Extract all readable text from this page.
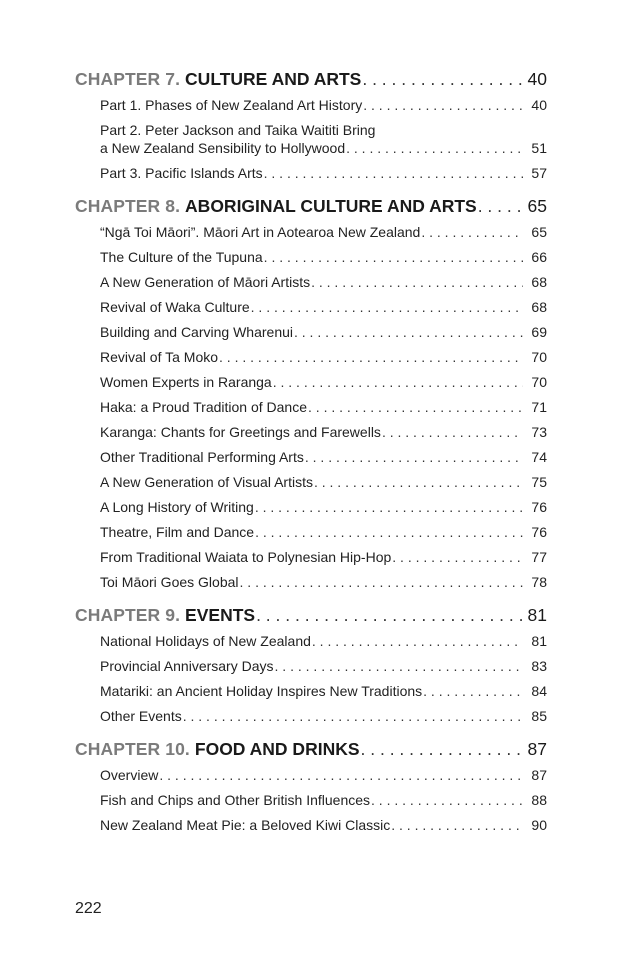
CHAPTER 7. CULTURE AND ARTS . . .	40
Part 1. Phases of New Zealand Art History . . .	40
Part 2. Peter Jackson and Taika Waititi Bring
a New Zealand Sensibility to Hollywood . . .	51
Part 3. Pacific Islands Arts . . .	57
CHAPTER 8. ABORIGINAL CULTURE AND ARTS . . .	65
“Ngā Toi Māori”. Māori Art in Aotearoa New Zealand . . .	65
The Culture of the Tupuna . . .	66
A New Generation of Māori Artists . . .	68
Revival of Waka Culture . . .	68
Building and Carving Wharenui . . .	69
Revival of Ta Moko . . .	70
Women Experts in Raranga . . .	70
Haka: a Proud Tradition of Dance . . .	71
Karanga: Chants for Greetings and Farewells . . .	73
Other Traditional Performing Arts . . .	74
A New Generation of Visual Artists . . .	75
A Long History of Writing . . .	76
Theatre, Film and Dance . . .	76
From Traditional Waiata to Polynesian Hip-Hop . . .	77
Toi Māori Goes Global . . .	78
CHAPTER 9. EVENTS . . .	81
National Holidays of New Zealand . . .	81
Provincial Anniversary Days . . .	83
Matariki: an Ancient Holiday Inspires New Traditions . . .	84
Other Events . . .	85
CHAPTER 10. FOOD AND DRINKS . . .	87
Overview . . .	87
Fish and Chips and Other British Influences . . .	88
New Zealand Meat Pie: a Beloved Kiwi Classic . . .	90
222
